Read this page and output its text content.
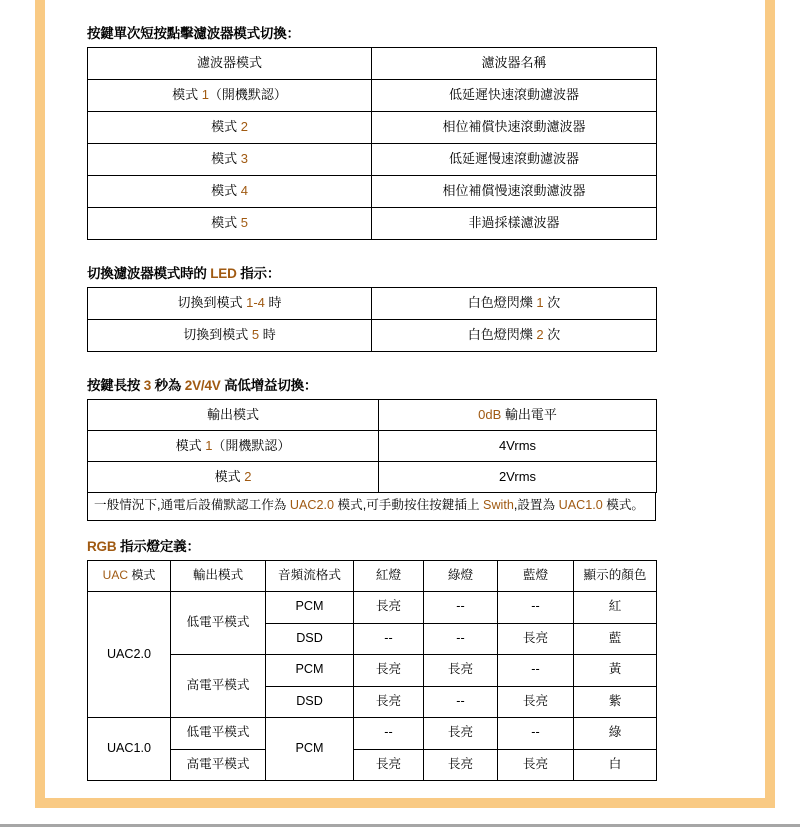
按鍵單次短按點擊濾波器模式切換：
濾波器模式	濾波器名稱
模式 1（開機默認）	低延遲快速滾動濾波器
模式 2	相位補償快速滾動濾波器
模式 3	低延遲慢速滾動濾波器
模式 4	相位補償慢速滾動濾波器
模式 5	非過採樣濾波器
切換濾波器模式時的 LED 指示：
切換到模式 1-4 時	白色燈閃爍 1 次
切換到模式 5 時	白色燈閃爍 2 次
按鍵長按 3 秒為 2V/4V 高低增益切換：
輸出模式	0dB 輸出電平
模式 1（開機默認）	4Vrms
模式 2	2Vrms
一般情況下,通電后設備默認工作為 UAC2.0 模式,可手動按住按鍵插上 Swith,設置為 UAC1.0 模式。
RGB 指示燈定義：
UAC 模式	輸出模式	音頻流格式	紅燈	綠燈	藍燈	顯示的顏色
UAC2.0	低電平模式	PCM	長亮	--	--	紅
		DSD	--	--	長亮	藍
	高電平模式	PCM	長亮	長亮	--	黃
		DSD	長亮	--	長亮	紫
UAC1.0	低電平模式	PCM	--	長亮	--	綠
	高電平模式		長亮	長亮	長亮	白
